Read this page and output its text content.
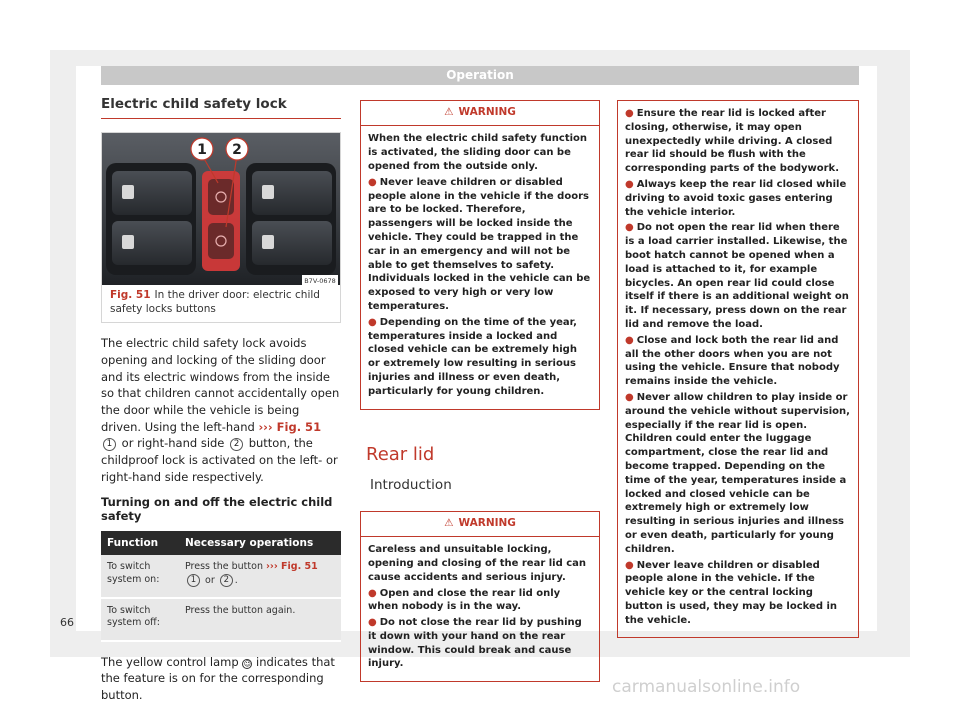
Operation
Electric child safety lock
1 2
B7V-0678
Fig. 51 In the driver door: electric child safety locks buttons

The electric child safety lock avoids opening and locking of the sliding door and its electric windows from the inside so that children cannot accidentally open the door while the vehicle is being driven. Using the left-hand ››› Fig. 51 1 or right-hand side 2 button, the childproof lock is activated on the left- or right-hand side respectively.

Turning on and off the electric child safety
Function	Necessary operations
To switch system on:	Press the button ››› Fig. 51 1 or 2 .
To switch system off:	Press the button again.

The yellow control lamp ☺ indicates that the feature is on for the corresponding button.

⚠ WARNING

When the electric child safety function is activated, the sliding door can be opened from the outside only.

● Never leave children or disabled people alone in the vehicle if the doors are to be locked. Therefore, passengers will be locked inside the vehicle. They could be trapped in the car in an emergency and will not be able to get themselves to safety. Individuals locked in the vehicle can be exposed to very high or very low temperatures.

● Depending on the time of the year, temperatures inside a locked and closed vehicle can be extremely high or extremely low resulting in serious injuries and illness or even death, particularly for young children.

Rear lid
Introduction
⚠ WARNING

Careless and unsuitable locking, opening and closing of the rear lid can cause accidents and serious injury.

● Open and close the rear lid only when nobody is in the way.

● Do not close the rear lid by pushing it down with your hand on the rear window. This could break and cause injury.

● Ensure the rear lid is locked after closing, otherwise, it may open unexpectedly while driving. A closed rear lid should be flush with the corresponding parts of the bodywork.

● Always keep the rear lid closed while driving to avoid toxic gases entering the vehicle interior.

● Do not open the rear lid when there is a load carrier installed. Likewise, the boot hatch cannot be opened when a load is attached to it, for example bicycles. An open rear lid could close itself if there is an additional weight on it. If necessary, press down on the rear lid and remove the load.

● Close and lock both the rear lid and all the other doors when you are not using the vehicle. Ensure that nobody remains inside the vehicle.

● Never allow children to play inside or around the vehicle without supervision, especially if the rear lid is open. Children could enter the luggage compartment, close the rear lid and become trapped. Depending on the time of the year, temperatures inside a locked and closed vehicle can be extremely high or extremely low resulting in serious injuries and illness or even death, particularly for young children.

● Never leave children or disabled people alone in the vehicle. If the vehicle key or the central locking button is used, they may be locked in the vehicle.

66
carmanualsonline.info
